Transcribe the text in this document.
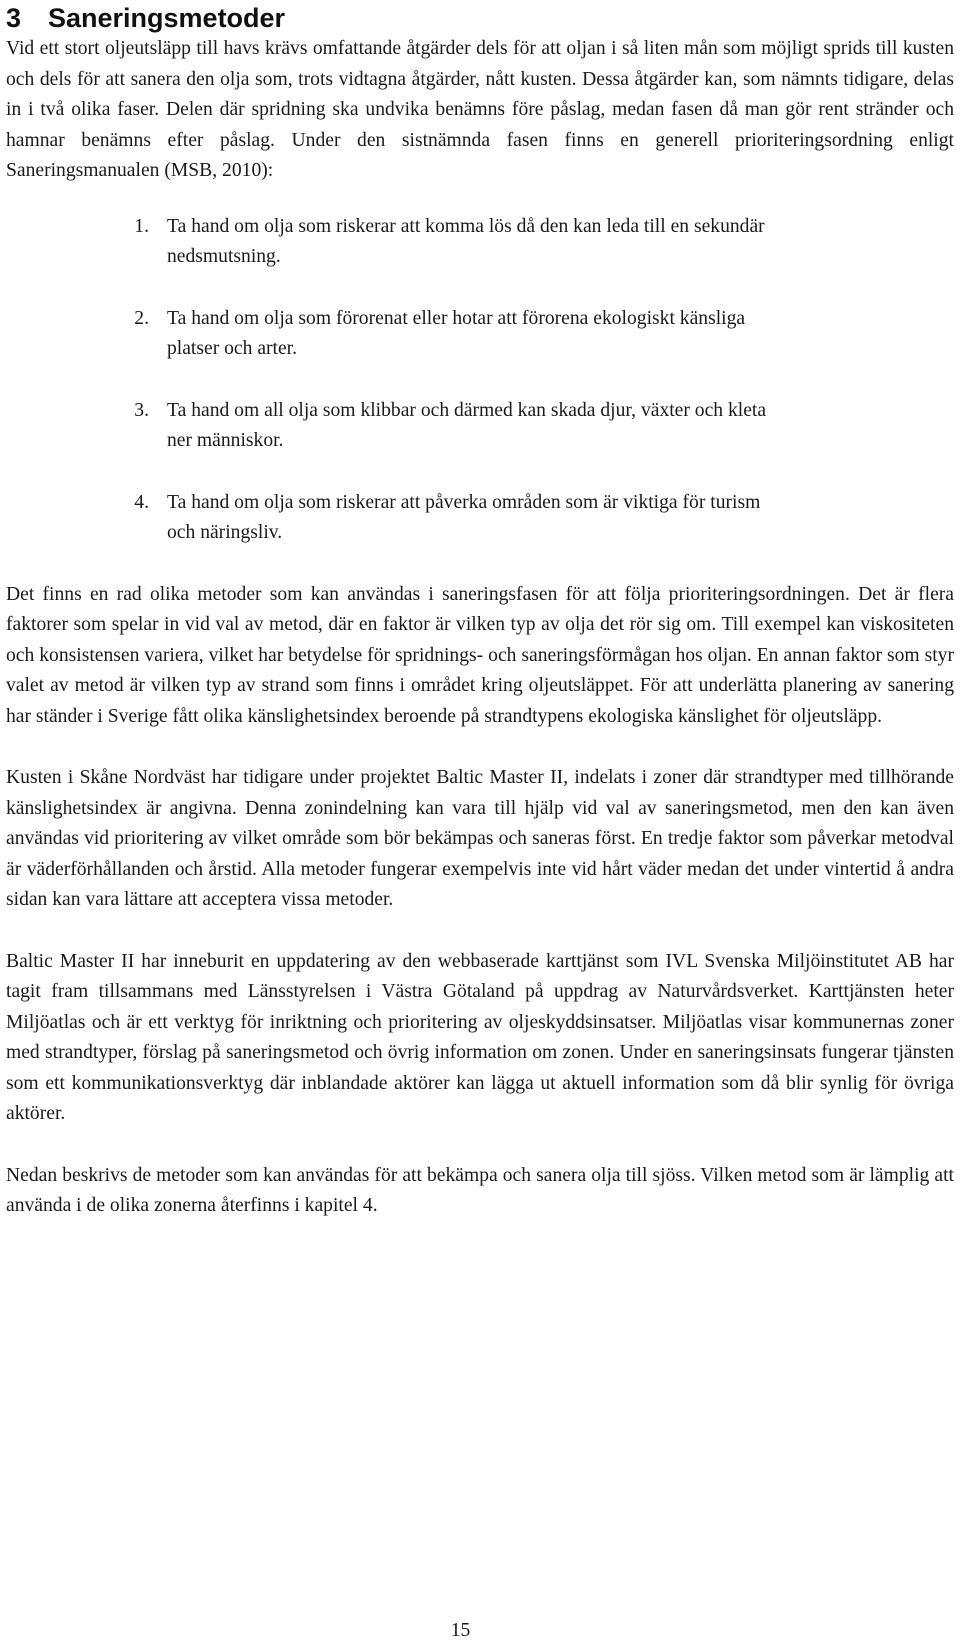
3 Saneringsmetoder

Vid ett stort oljeutsläpp till havs krävs omfattande åtgärder dels för att oljan i så liten mån som möjligt sprids till kusten och dels för att sanera den olja som, trots vidtagna åtgärder, nått kusten. Dessa åtgärder kan, som nämnts tidigare, delas in i två olika faser. Delen där spridning ska undvika benämns före påslag, medan fasen då man gör rent stränder och hamnar benämns efter påslag. Under den sistnämnda fasen finns en generell prioriteringsordning enligt Saneringsmanualen (MSB, 2010):

1. Ta hand om olja som riskerar att komma lös då den kan leda till en sekundär nedsmutsning.
2. Ta hand om olja som förorenat eller hotar att förorena ekologiskt känsliga platser och arter.
3. Ta hand om all olja som klibbar och därmed kan skada djur, växter och kleta ner människor.
4. Ta hand om olja som riskerar att påverka områden som är viktiga för turism och näringsliv.

Det finns en rad olika metoder som kan användas i saneringsfasen för att följa prioriteringsordningen. Det är flera faktorer som spelar in vid val av metod, där en faktor är vilken typ av olja det rör sig om. Till exempel kan viskositeten och konsistensen variera, vilket har betydelse för spridnings- och saneringsförmågan hos oljan. En annan faktor som styr valet av metod är vilken typ av strand som finns i området kring oljeutsläppet. För att underlätta planering av sanering har ständer i Sverige fått olika känslighetsindex beroende på strandtypens ekologiska känslighet för oljeutsläpp.

Kusten i Skåne Nordväst har tidigare under projektet Baltic Master II, indelats i zoner där strandtyper med tillhörande känslighetsindex är angivna. Denna zonindelning kan vara till hjälp vid val av saneringsmetod, men den kan även användas vid prioritering av vilket område som bör bekämpas och saneras först. En tredje faktor som påverkar metodval är väderförhållanden och årstid. Alla metoder fungerar exempelvis inte vid hårt väder medan det under vintertid å andra sidan kan vara lättare att acceptera vissa metoder.

Baltic Master II har inneburit en uppdatering av den webbaserade karttjänst som IVL Svenska Miljöinstitutet AB har tagit fram tillsammans med Länsstyrelsen i Västra Götaland på uppdrag av Naturvårdsverket. Karttjänsten heter Miljöatlas och är ett verktyg för inriktning och prioritering av oljeskyddsinsatser. Miljöatlas visar kommunernas zoner med strandtyper, förslag på saneringsmetod och övrig information om zonen. Under en saneringsinsats fungerar tjänsten som ett kommunikationsverktyg där inblandade aktörer kan lägga ut aktuell information som då blir synlig för övriga aktörer.

Nedan beskrivs de metoder som kan användas för att bekämpa och sanera olja till sjöss. Vilken metod som är lämplig att använda i de olika zonerna återfinns i kapitel 4.

15
